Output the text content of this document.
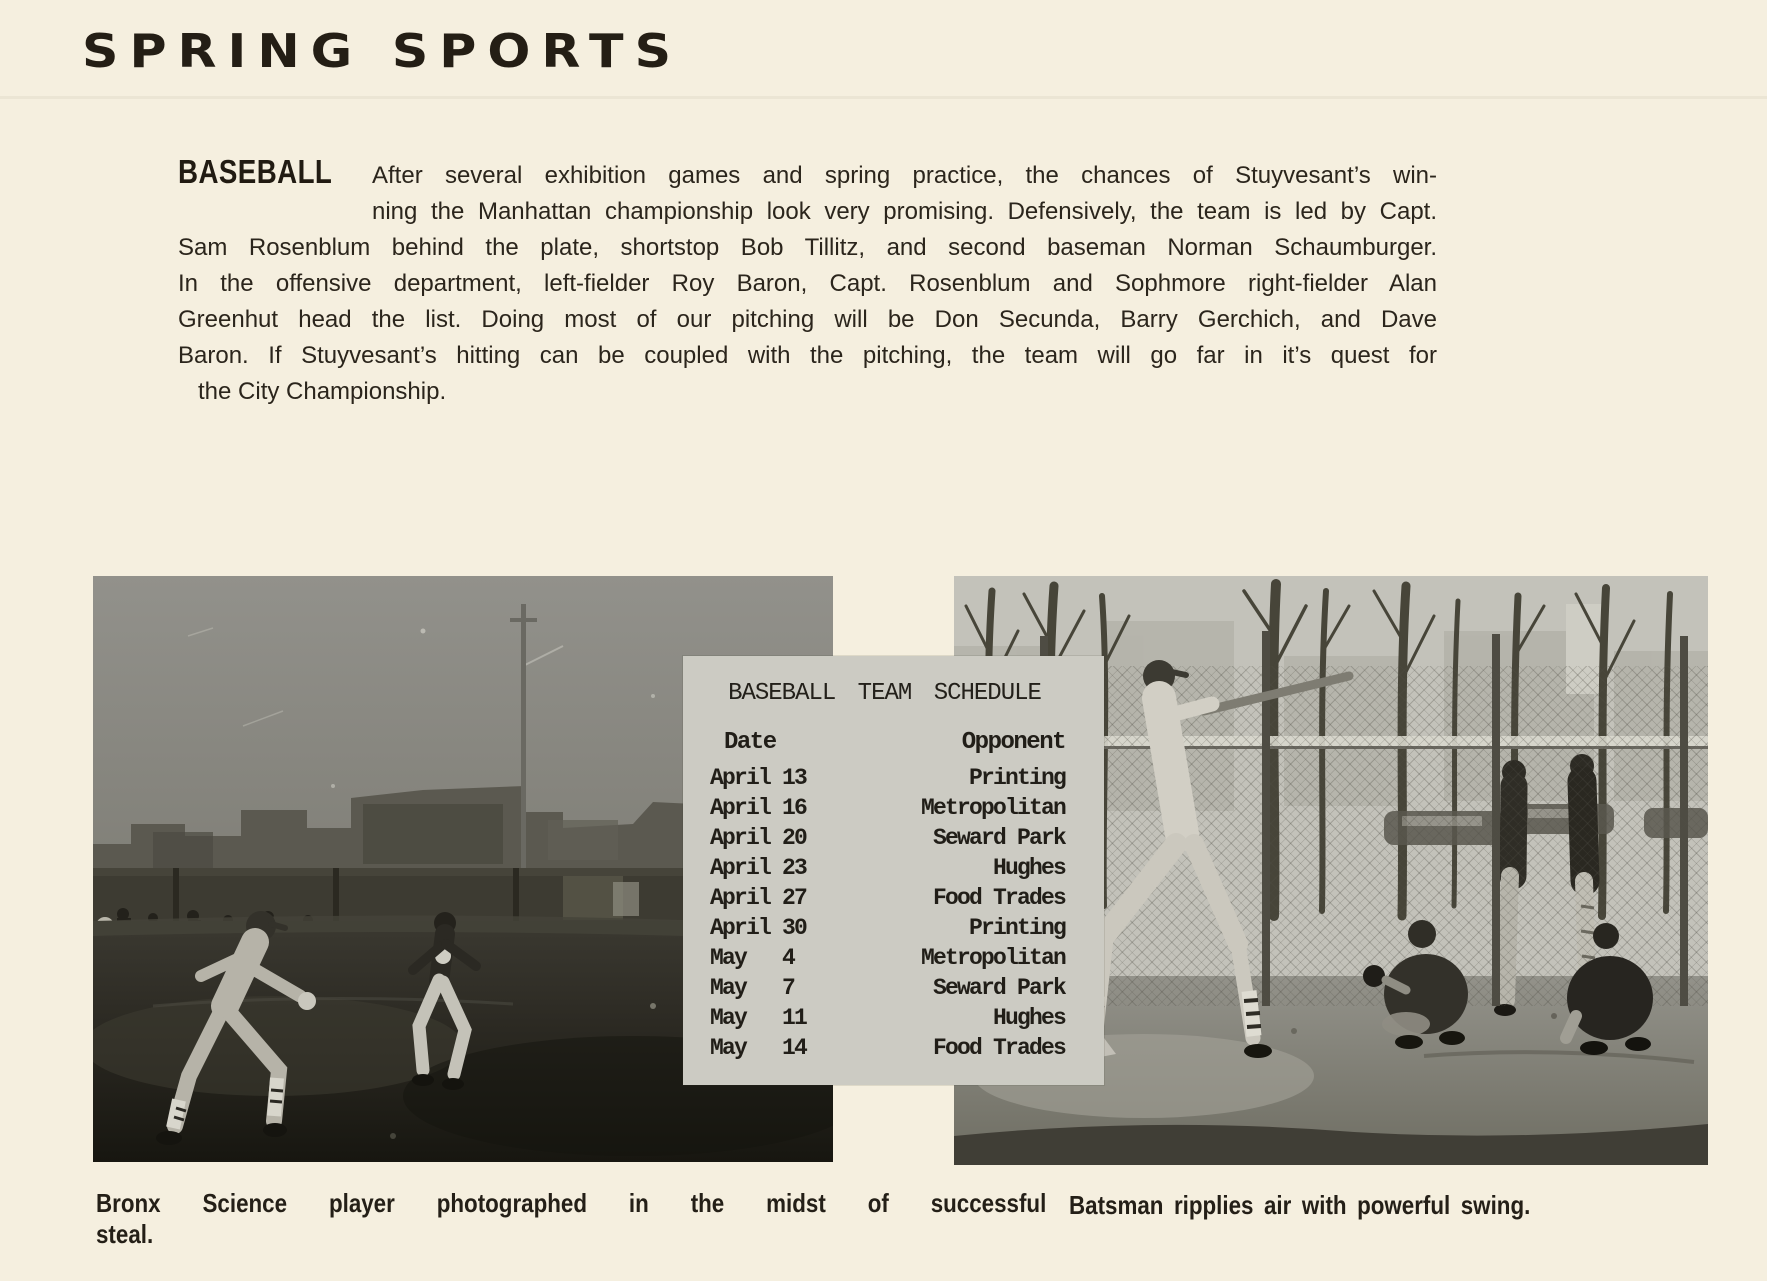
SPRING SPORTS
BASEBALL	After several exhibition games and spring practice, the chances of Stuyvesant’s win-
ning the Manhattan championship look very promising. Defensively, the team is led by Capt.
Sam Rosenblum behind the plate, shortstop Bob Tillitz, and second baseman Norman Schaumburger.
In the offensive department, left-fielder Roy Baron, Capt. Rosenblum and Sophmore right-fielder Alan
Greenhut head the list. Doing most of our pitching will be Don Secunda, Barry Gerchich, and Dave
Baron. If Stuyvesant’s hitting can be coupled with the pitching, the team will go far in it’s quest for
the City Championship.
BASEBALL TEAM SCHEDULE
Date	Opponent
April 13	Printing
April 16	Metropolitan
April 20	Seward Park
April 23	Hughes
April 27	Food Trades
April 30	Printing
May   4	Metropolitan
May   7	Seward Park
May   11	Hughes
May   14	Food Trades
Bronx Science player photographed in the midst of successful
steal.
Batsman ripplies air with powerful swing.
